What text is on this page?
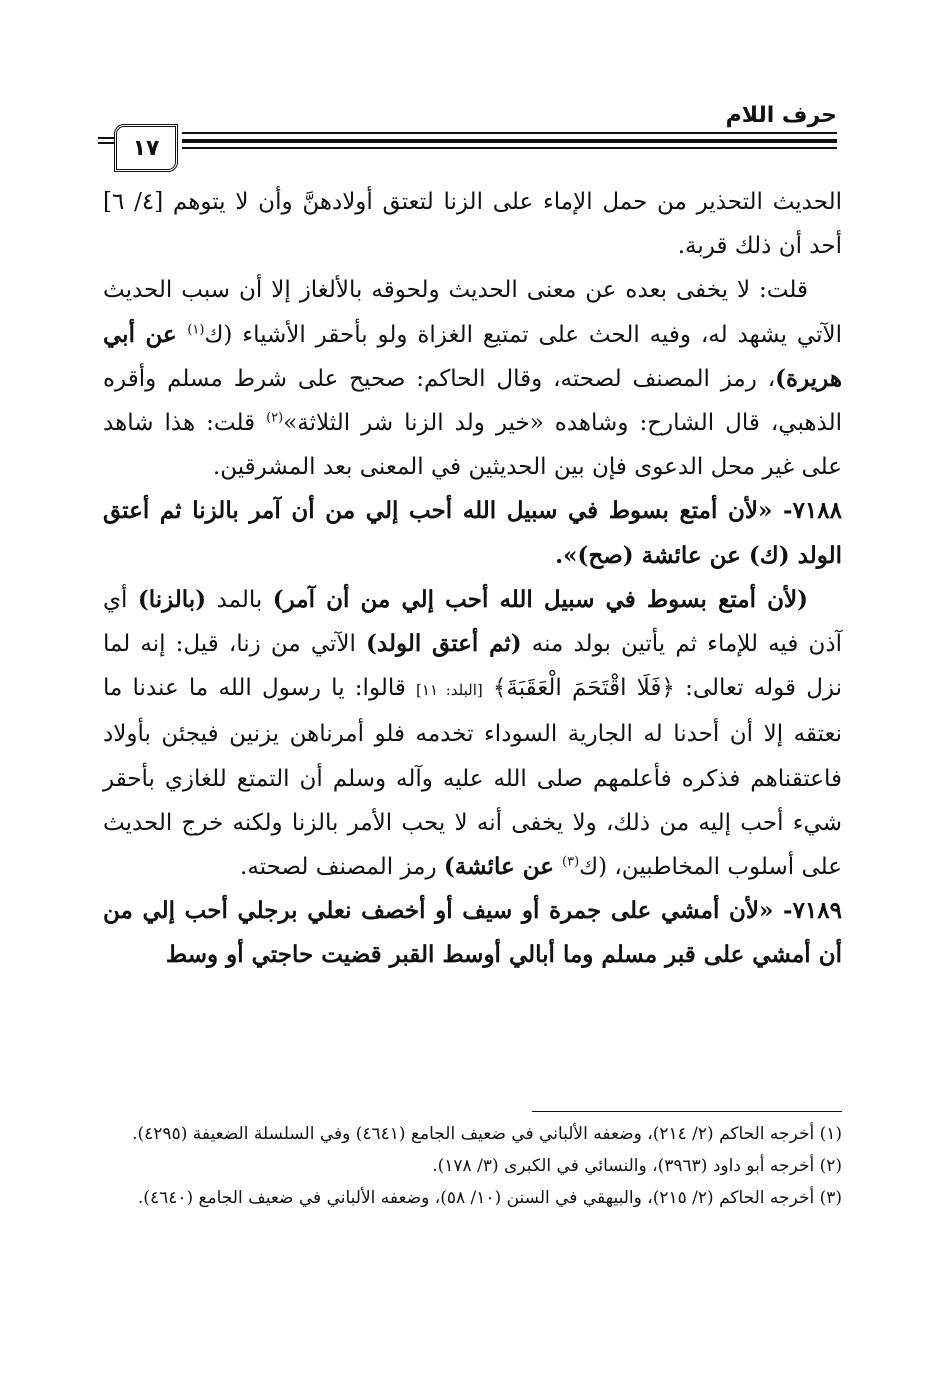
حرف اللام
١٧

الحديث التحذير من حمل الإماء على الزنا لتعتق أولادهنَّ وأن لا يتوهم [٤/ ٦] أحد أن ذلك قربة.

قلت: لا يخفى بعده عن معنى الحديث ولحوقه بالألغاز إلا أن سبب الحديث الآتي يشهد له، وفيه الحث على تمتيع الغزاة ولو بأحقر الأشياء (ك$^{(١)}$ عن أبي هريرة)، رمز المصنف لصحته، وقال الحاكم: صحيح على شرط مسلم وأقره الذهبي، قال الشارح: وشاهده «خير ولد الزنا شر الثلاثة»$^{(٢)}$ قلت: هذا شاهد على غير محل الدعوى فإن بين الحديثين في المعنى بعد المشرقين.

٧١٨٨- «لأن أمتع بسوط في سبيل الله أحب إلي من أن آمر بالزنا ثم أعتق الولد (ك) عن عائشة (صح)».

(لأن أمتع بسوط في سبيل الله أحب إلي من أن آمر) بالمد (بالزنا) أي آذن فيه للإماء ثم يأتين بولد منه (ثم أعتق الولد) الآتي من زنا، قيل: إنه لما نزل قوله تعالى: ﴿فَلَا اقْتَحَمَ الْعَقَبَةَ﴾ [البلد: ١١] قالوا: يا رسول الله ما عندنا ما نعتقه إلا أن أحدنا له الجارية السوداء تخدمه فلو أمرناهن يزنين فيجئن بأولاد فاعتقناهم فذكره فأعلمهم صلى الله عليه وآله وسلم أن التمتع للغازي بأحقر شيء أحب إليه من ذلك، ولا يخفى أنه لا يحب الأمر بالزنا ولكنه خرج الحديث على أسلوب المخاطبين، (ك$^{(٣)}$ عن عائشة) رمز المصنف لصحته.

٧١٨٩- «لأن أمشي على جمرة أو سيف أو أخصف نعلي برجلي أحب إلي من أن أمشي على قبر مسلم وما أبالي أوسط القبر قضيت حاجتي أو وسط

(١) أخرجه الحاكم (٢/ ٢١٤)، وضعفه الألباني في ضعيف الجامع (٤٦٤١) وفي السلسلة الضعيفة (٤٢٩٥).

(٢) أخرجه أبو داود (٣٩٦٣)، والنسائي في الكبرى (٣/ ١٧٨).

(٣) أخرجه الحاكم (٢/ ٢١٥)، والبيهقي في السنن (١٠/ ٥٨)، وضعفه الألباني في ضعيف الجامع (٤٦٤٠).
